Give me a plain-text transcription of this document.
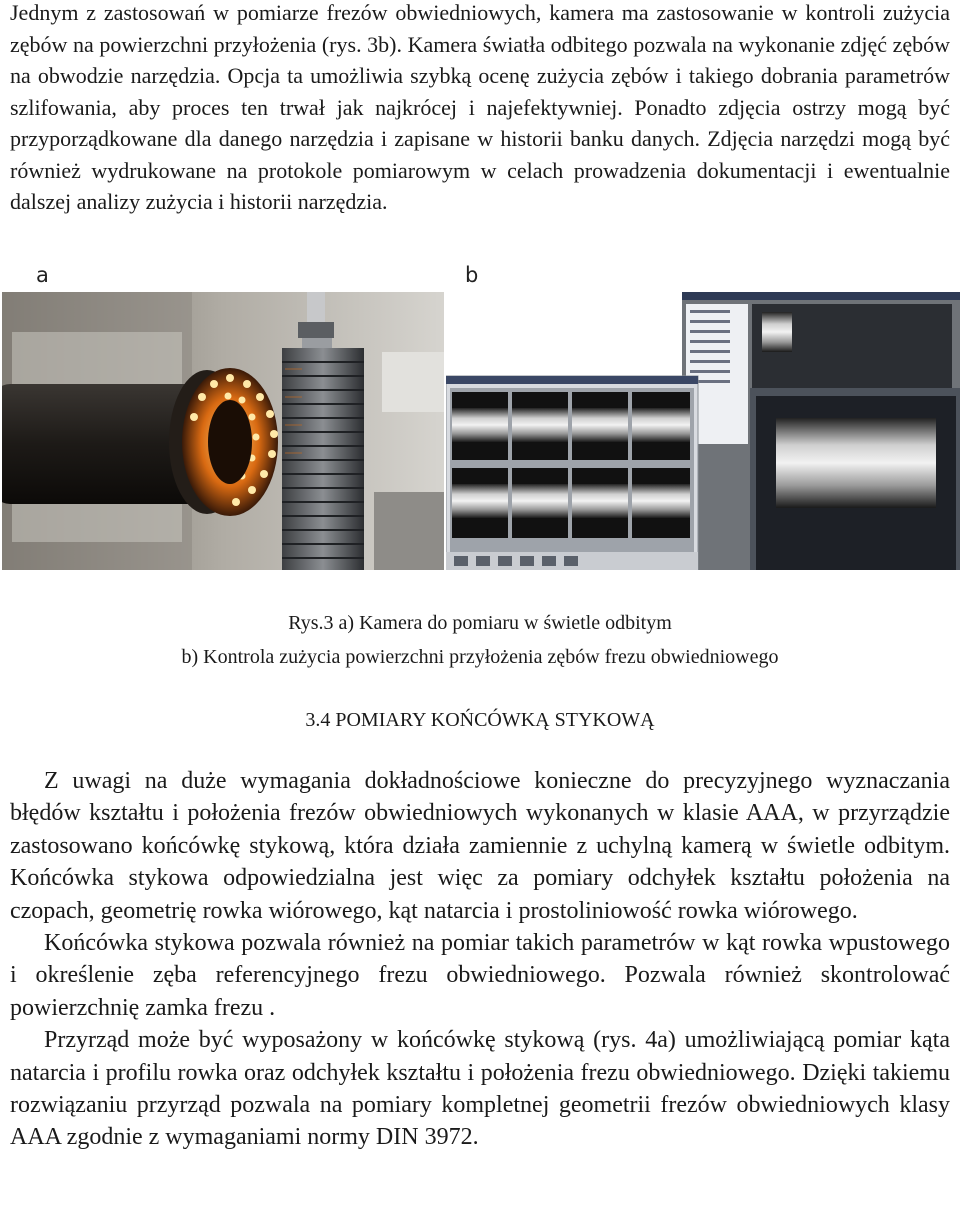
Jednym z zastosowań w pomiarze frezów obwiedniowych, kamera ma zastosowanie w kontroli zużycia zębów na powierzchni przyłożenia (rys. 3b). Kamera światła odbitego pozwala na wykonanie zdjęć zębów na obwodzie narzędzia. Opcja ta umożliwia szybką ocenę zużycia zębów i takiego dobrania parametrów szlifowania, aby proces ten trwał jak najkrócej i najefektywniej. Ponadto zdjęcia ostrzy mogą być przyporządkowane dla danego narzędzia i zapisane w historii banku danych. Zdjęcia narzędzi mogą być również wydrukowane na protokole pomiarowym w celach prowadzenia dokumentacji i ewentualnie dalszej analizy zużycia i historii narzędzia.

a	b
Rys.3 a) Kamera do pomiaru w świetle odbitym
b) Kontrola zużycia powierzchni przyłożenia zębów frezu obwiedniowego
3.4 POMIARY KOŃCÓWKĄ STYKOWĄ

Z uwagi na duże wymagania dokładnościowe konieczne do precyzyjnego wyznaczania błędów kształtu i położenia frezów obwiedniowych wykonanych w klasie AAA, w przyrządzie zastosowano końcówkę stykową, która działa zamiennie z uchylną kamerą w świetle odbitym. Końcówka stykowa odpowiedzialna jest więc za pomiary odchyłek kształtu położenia na czopach, geometrię rowka wiórowego, kąt natarcia i prostoliniowość rowka wiórowego.

Końcówka stykowa pozwala również na pomiar takich parametrów w kąt rowka wpustowego i określenie zęba referencyjnego frezu obwiedniowego. Pozwala również skontrolować powierzchnię zamka frezu .

Przyrząd może być wyposażony w końcówkę stykową (rys. 4a) umożliwiającą pomiar kąta natarcia i profilu rowka oraz odchyłek kształtu i położenia frezu obwiedniowego. Dzięki takiemu rozwiązaniu przyrząd pozwala na pomiary kompletnej geometrii frezów obwiedniowych klasy AAA zgodnie z wymaganiami normy DIN 3972.
